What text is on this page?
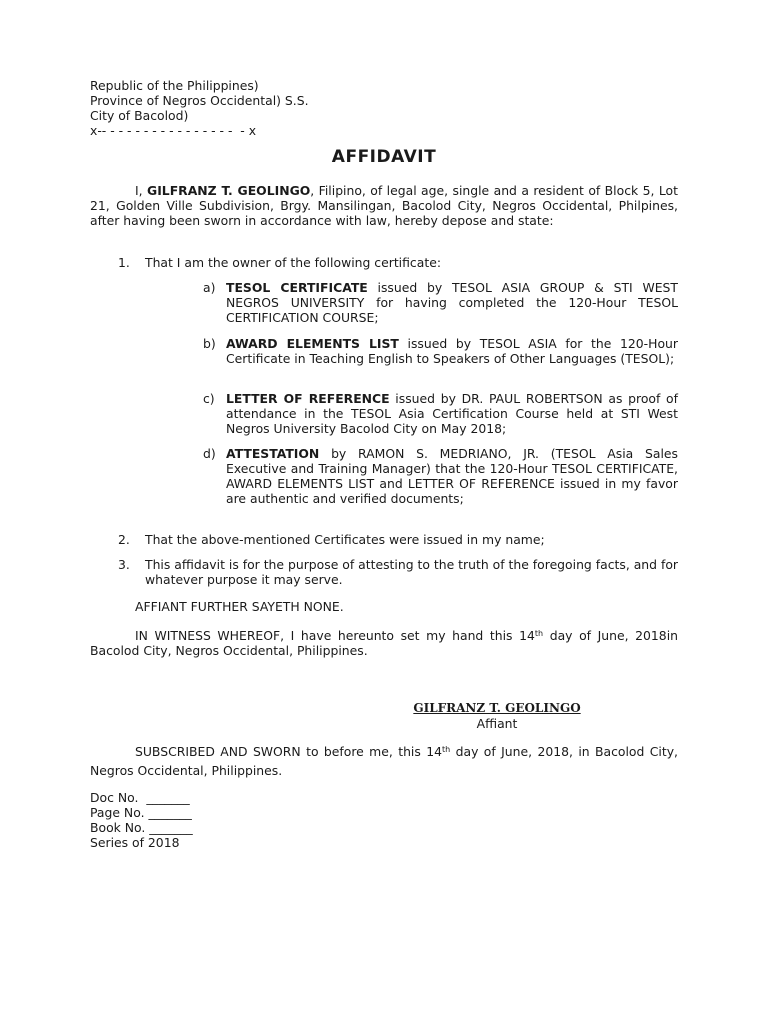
Republic of the Philippines)
Province of Negros Occidental) S.S.
City of Bacolod)
x-- - - - - - - - - - - - - - - -  - x
AFFIDAVIT
I, GILFRANZ T. GEOLINGO, Filipino, of legal age, single and a resident of Block 5, Lot 21, Golden Ville Subdivision, Brgy. Mansilingan, Bacolod City, Negros Occidental, Philpines, after having been sworn in accordance with law, hereby depose and state:
1.	That I am the owner of the following certificate:
a) TESOL CERTIFICATE issued by TESOL ASIA GROUP & STI WEST NEGROS UNIVERSITY for having completed the 120-Hour TESOL CERTIFICATION COURSE;
b) AWARD ELEMENTS LIST issued by TESOL ASIA for the 120-Hour Certificate in Teaching English to Speakers of Other Languages (TESOL);
c) LETTER OF REFERENCE issued by DR. PAUL ROBERTSON as proof of attendance in the TESOL Asia Certification Course held at STI West Negros University Bacolod City on May 2018;
d) ATTESTATION by RAMON S. MEDRIANO, JR. (TESOL Asia Sales Executive and Training Manager) that the 120-Hour TESOL CERTIFICATE, AWARD ELEMENTS LIST and LETTER OF REFERENCE issued in my favor are authentic and verified documents;
2.	That the above-mentioned Certificates were issued in my name;
3.	This affidavit is for the purpose of attesting to the truth of the foregoing facts, and for whatever purpose it may serve.
AFFIANT FURTHER SAYETH NONE.
IN WITNESS WHEREOF, I have hereunto set my hand this 14th day of June, 2018in Bacolod City, Negros Occidental, Philippines.
GILFRANZ T. GEOLINGO
Affiant
SUBSCRIBED AND SWORN to before me, this 14th day of June, 2018, in Bacolod City, Negros Occidental, Philippines.
Doc No.  _______
Page No. _______
Book No. _______
Series of 2018
